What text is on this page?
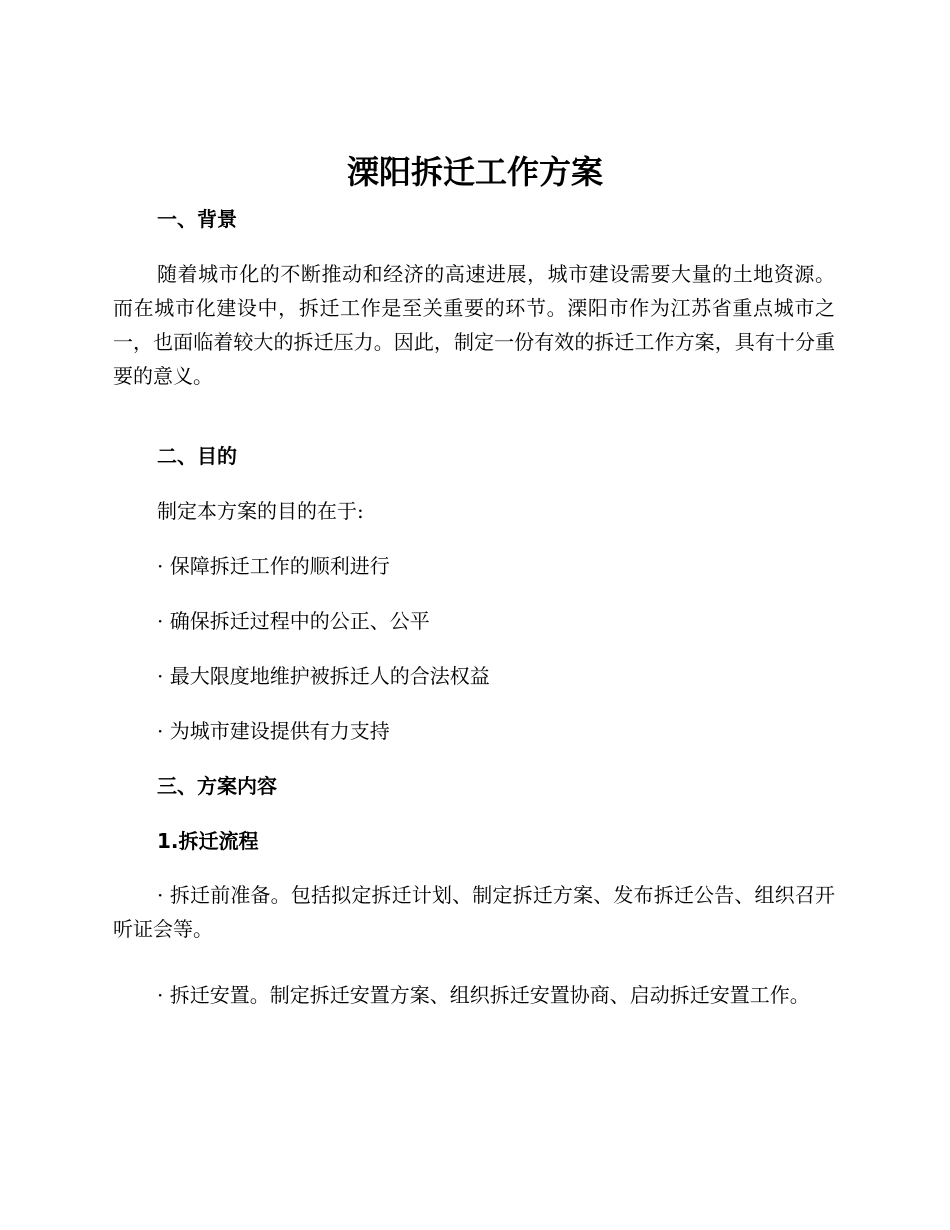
溧阳拆迁工作方案
一、背景

随着城市化的不断推动和经济的高速进展，城市建设需要大量的土地资源。而在城市化建设中，拆迁工作是至关重要的环节。溧阳市作为江苏省重点城市之一，也面临着较大的拆迁压力。因此，制定一份有效的拆迁工作方案，具有十分重要的意义。

二、目的

制定本方案的目的在于:

· 保障拆迁工作的顺利进行

· 确保拆迁过程中的公正、公平

· 最大限度地维护被拆迁人的合法权益

· 为城市建设提供有力支持

三、方案内容
1.拆迁流程

· 拆迁前准备。包括拟定拆迁计划、制定拆迁方案、发布拆迁公告、组织召开听证会等。

· 拆迁安置。制定拆迁安置方案、组织拆迁安置协商、启动拆迁安置工作。
